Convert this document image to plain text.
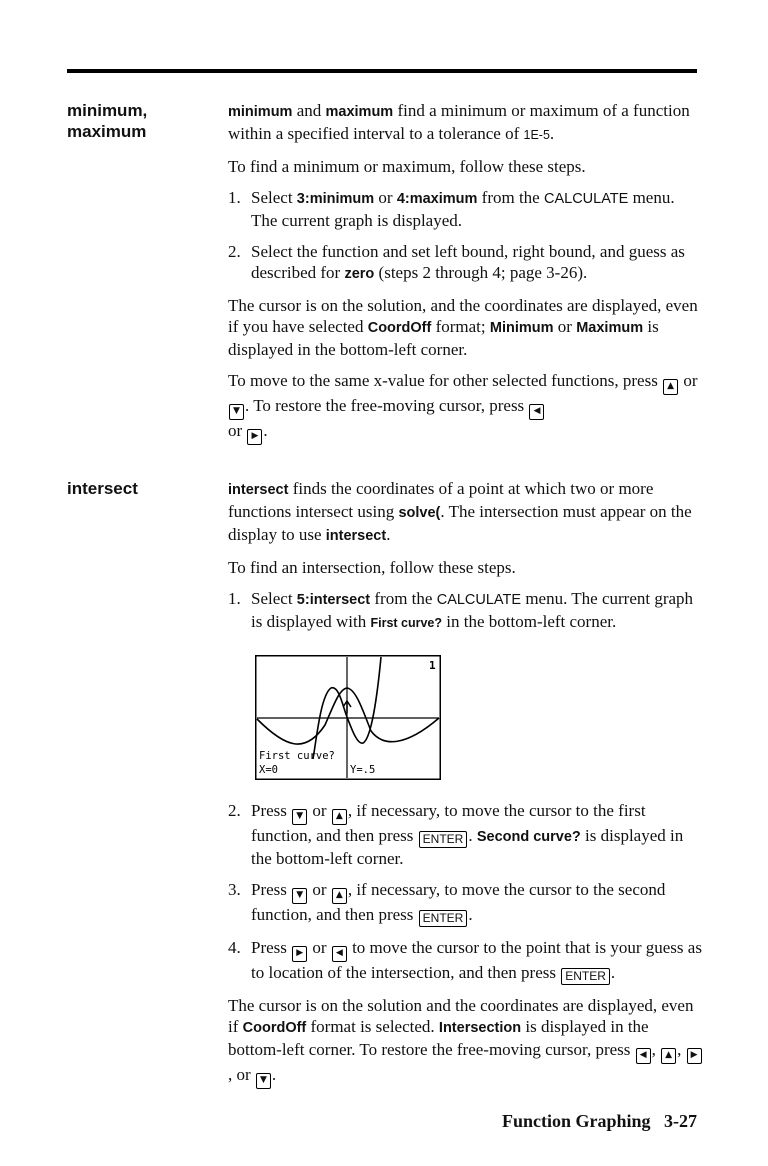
minimum,
maximum

minimum and maximum find a minimum or maximum of a function within a specified interval to a tolerance of 1E-5.

To find a minimum or maximum, follow these steps.

1. Select 3:minimum or 4:maximum from the CALCULATE menu. The current graph is displayed.
2. Select the function and set left bound, right bound, and guess as described for zero (steps 2 through 4; page 3-26).

The cursor is on the solution, and the coordinates are displayed, even if you have selected CoordOff format; Minimum or Maximum is displayed in the bottom-left corner.

To move to the same x-value for other selected functions, press ▲ or ▼ . To restore the free-moving cursor, press ◀
or ▶ .

intersect	intersect finds the coordinates of a point at which two or more functions intersect using solve(. The intersection must appear on the display to use intersect.

To find an intersection, follow these steps.

1. Select 5:intersect from the CALCULATE menu. The current graph is displayed with First curve? in the bottom-left corner.
1
First curve?
X=0	Y=.5
2. Press ▼ or ▲ , if necessary, to move the cursor to the first function, and then press ENTER . Second curve? is displayed in the bottom-left corner.
3. Press ▼ or ▲ , if necessary, to move the cursor to the second function, and then press ENTER .
4. Press ▶ or ◀ to move the cursor to the point that is your guess as to location of the intersection, and then press ENTER .

The cursor is on the solution and the coordinates are displayed, even if CoordOff format is selected. Intersection is displayed in the bottom-left corner. To restore the free-moving cursor, press ◀ , ▲ , ▶, or ▼ .

Function Graphing   3-27
